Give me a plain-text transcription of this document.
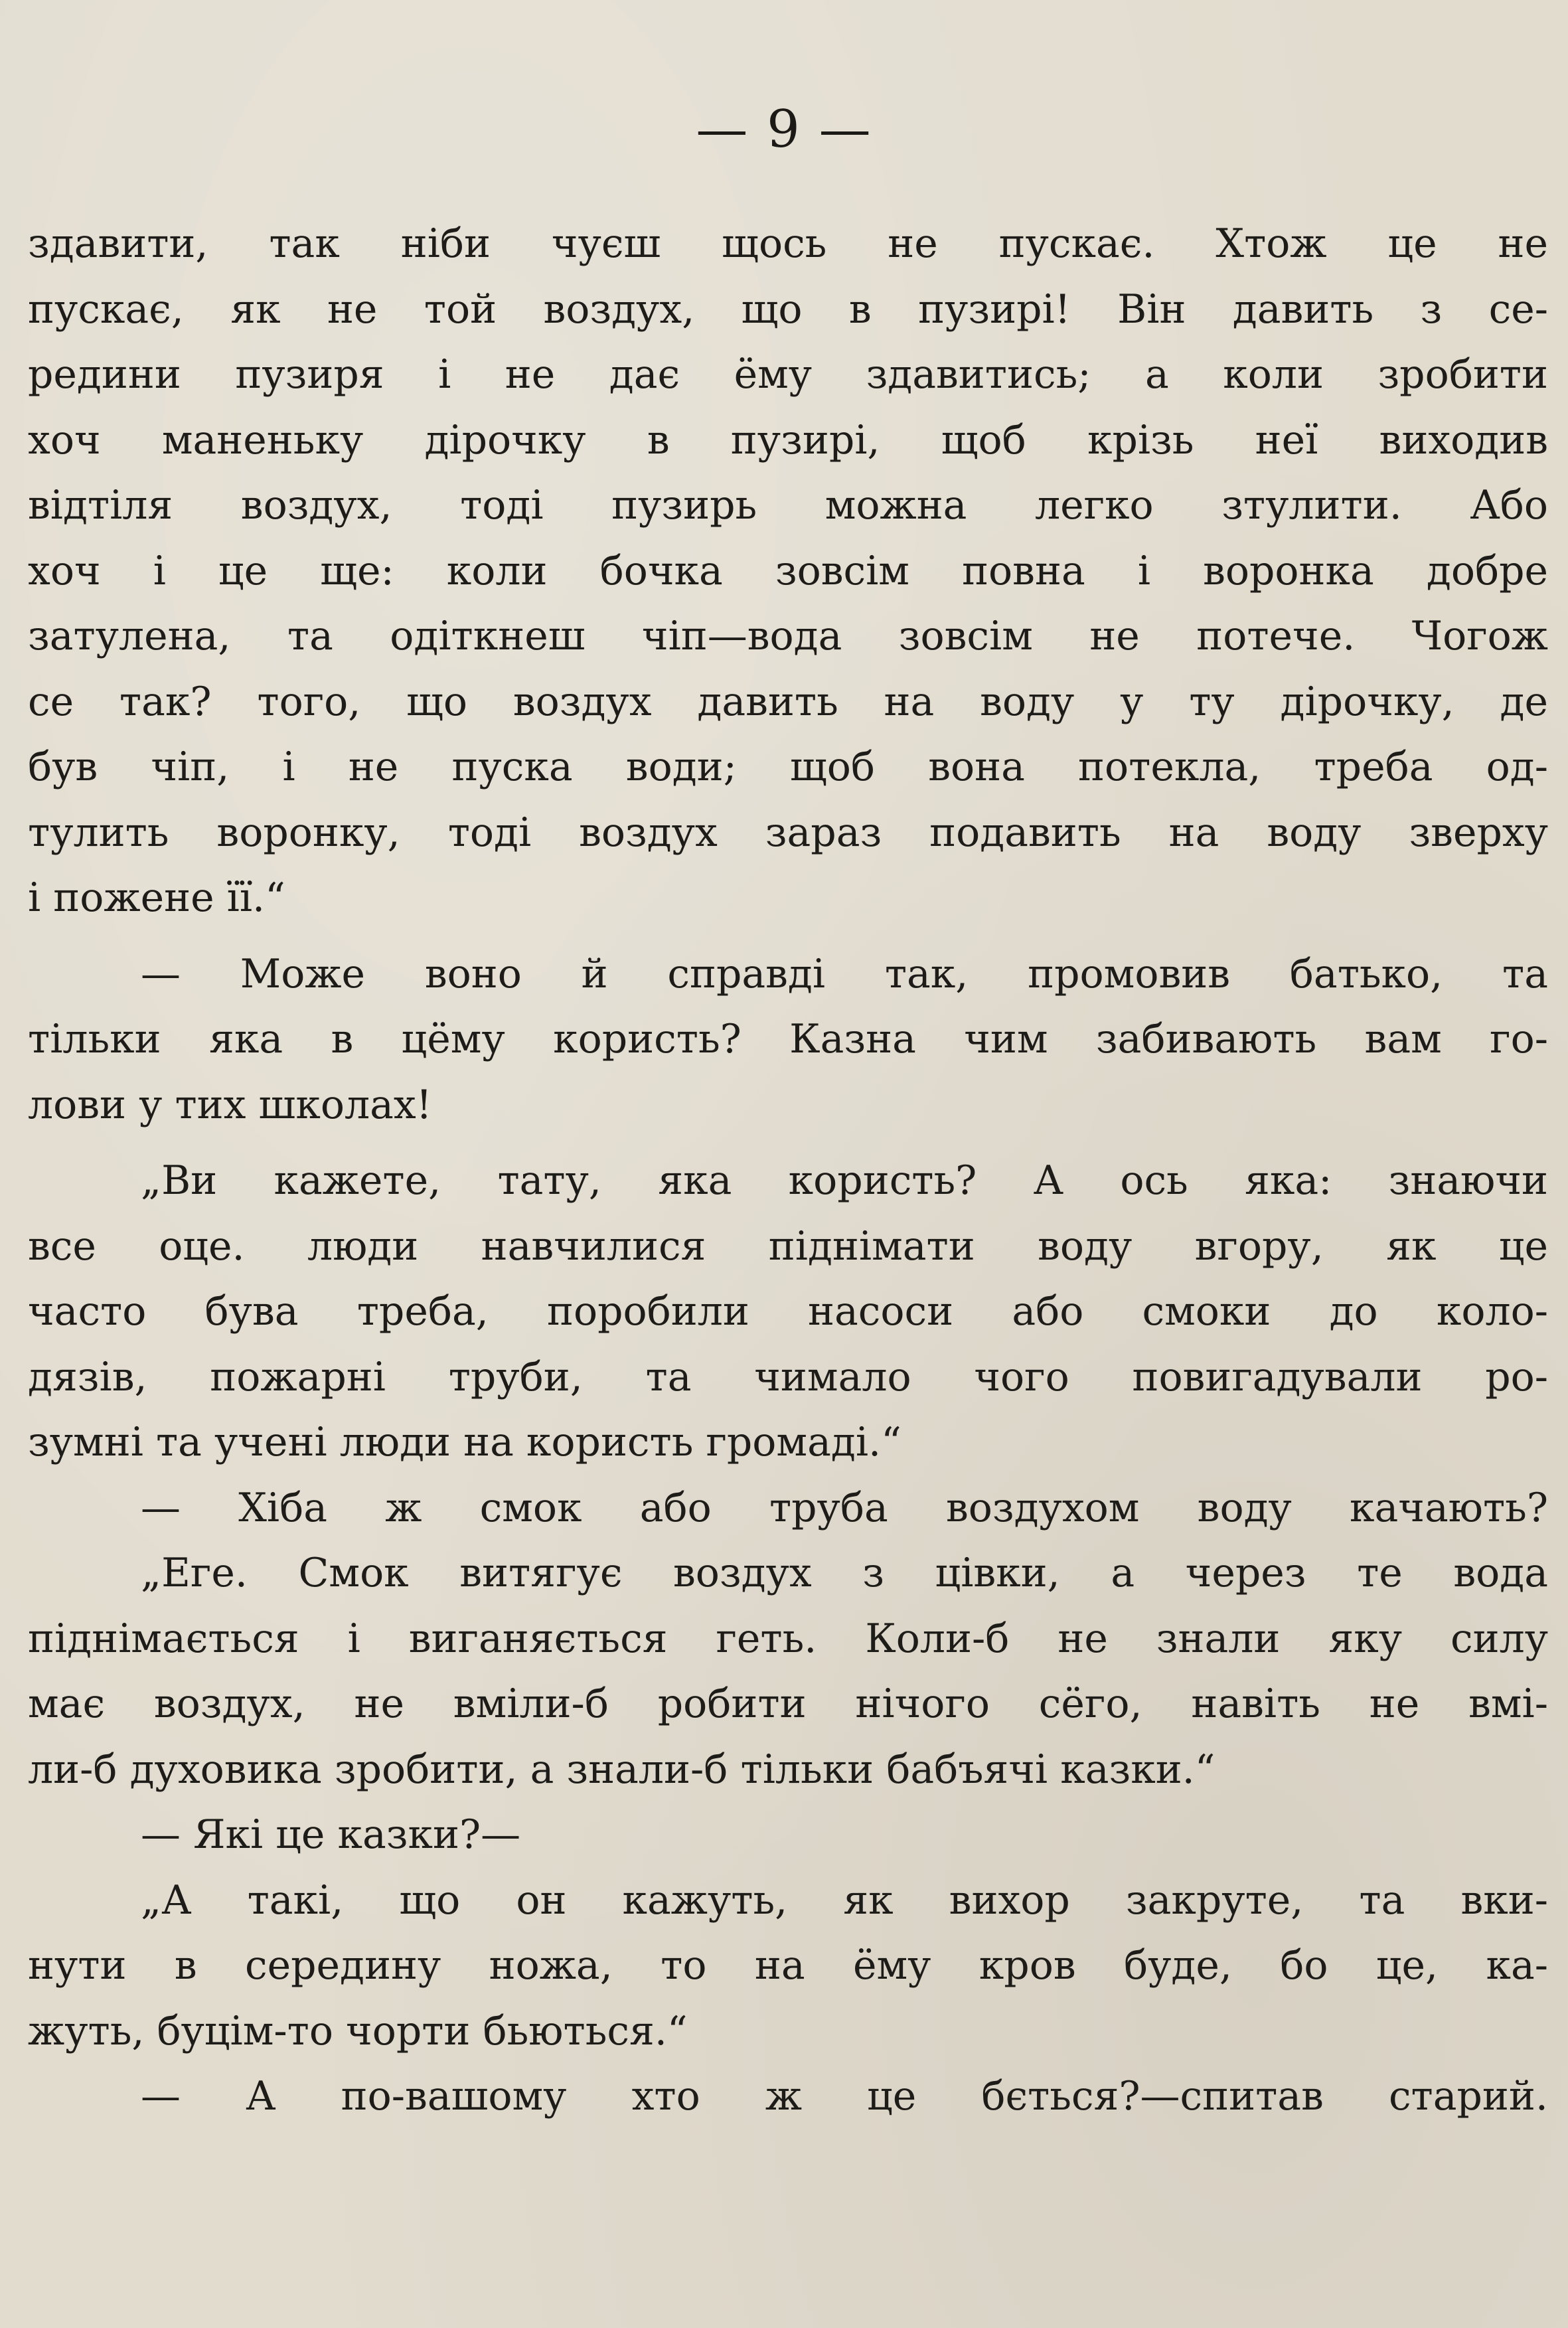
— 9 —
здавити, так ніби чуєш щось не пускає. Хтож це не
пускає, як не той воздух, що в пузирі! Він давить з се-
редини пузиря і не дає ёму здавитись; а коли зробити
хоч маненьку дірочку в пузирі, щоб крізь неї виходив
відтіля воздух, тоді пузирь можна легко зтулити. Або
хоч і це ще: коли бочка зовсім повна і воронка добре
затулена, та одіткнеш чіп—вода зовсім не потече. Чогож
се так? того, що воздух давить на воду у ту дірочку, де
був чіп, і не пуска води; щоб вона потекла, треба од-
тулить воронку, тоді воздух зараз подавить на воду зверху
і пожене її.“
— Може воно й справді так, промовив батько, та
тільки яка в цёму користь? Казна чим забивають вам го-
лови у тих школах!
„Ви кажете, тату, яка користь? А ось яка: знаючи
все оце. люди навчилися піднімати воду вгору, як це
часто бува треба, поробили насоси або смоки до коло-
дязів, пожарні труби, та чимало чого повигадували ро-
зумні та учені люди на користь громаді.“
— Хіба ж смок або труба воздухом воду качають?
„Еге. Смок витягує воздух з цівки, а через те вода
піднімається і виганяється геть. Коли-б не знали яку силу
має воздух, не вміли-б робити нічого сёго, навіть не вмі-
ли-б духовика зробити, а знали-б тільки бабъячі казки.“
— Які це казки?—
„А такі, що он кажуть, як вихор закруте, та вки-
нути в середину ножа, то на ёму кров буде, бо це, ка-
жуть, буцім-то чорти бьються.“
— А по-вашому хто ж це бється?—спитав старий.
